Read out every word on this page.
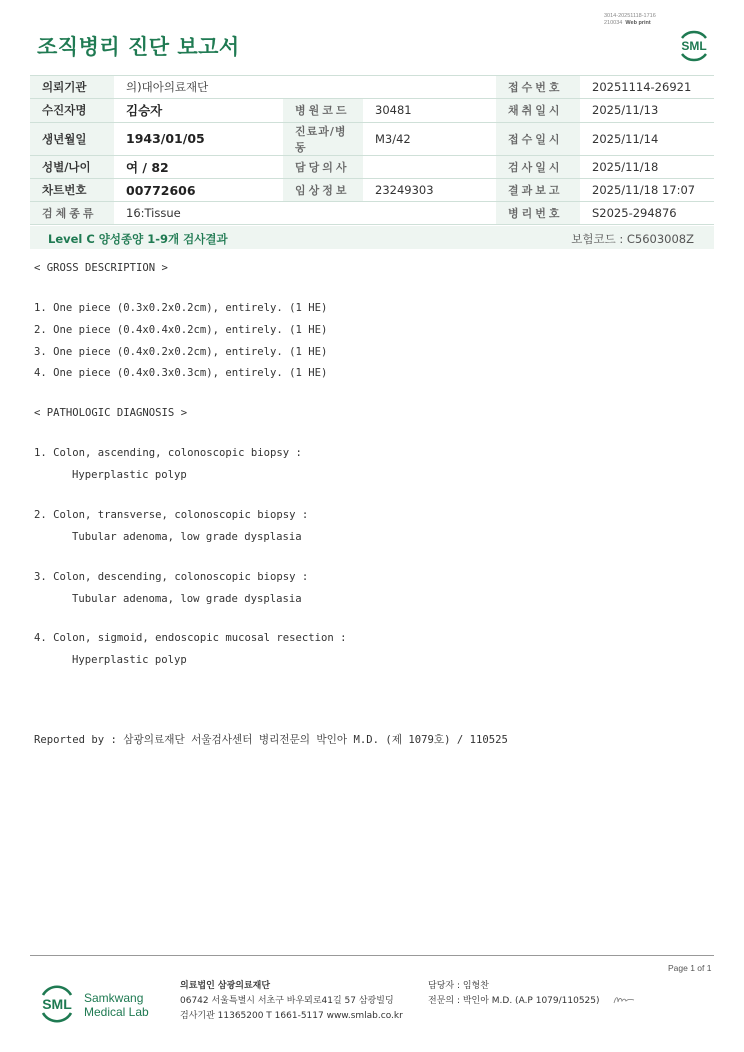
3014-20251118-1716
210034 Web print
조직병리 진단 보고서	SML
의뢰기관	의)대아의료재단			접수번호	20251114-26921
수진자명	김승자	병원코드	30481	채취일시	2025/11/13
생년월일	1943/01/05	진료과/병동	M3/42	접수일시	2025/11/14
성별/나이	여 / 82	담당의사		검사일시	2025/11/18
차트번호	00772606	임상정보	23249303	결과보고	2025/11/18 17:07
검체종류	16:Tissue			병리번호	S2025-294876
Level C 양성종양 1-9개 검사결과	보험코드 : C5603008Z
< GROSS DESCRIPTION >
1. One piece (0.3x0.2x0.2cm), entirely. (1 HE)
2. One piece (0.4x0.4x0.2cm), entirely. (1 HE)
3. One piece (0.4x0.2x0.2cm), entirely. (1 HE)
4. One piece (0.4x0.3x0.3cm), entirely. (1 HE)
< PATHOLOGIC DIAGNOSIS >
1. Colon, ascending, colonoscopic biopsy :
Hyperplastic polyp
2. Colon, transverse, colonoscopic biopsy :
Tubular adenoma, low grade dysplasia
3. Colon, descending, colonoscopic biopsy :
Tubular adenoma, low grade dysplasia
4. Colon, sigmoid, endoscopic mucosal resection :
Hyperplastic polyp
Reported by : 삼광의료재단 서울검사센터 병리전문의 박인아 M.D. (제 1079호) / 110525
Page 1 of 1
SML Samkwang
Medical Lab
의료법인 삼광의료재단
06742 서울특별시 서초구 바우뫼로41길 57 삼광빌딩
검사기관 11365200 T 1661-5117 www.smlab.co.kr
담당자 : 임형찬
전문의 : 박인아 M.D. (A.P 1079/110525)
